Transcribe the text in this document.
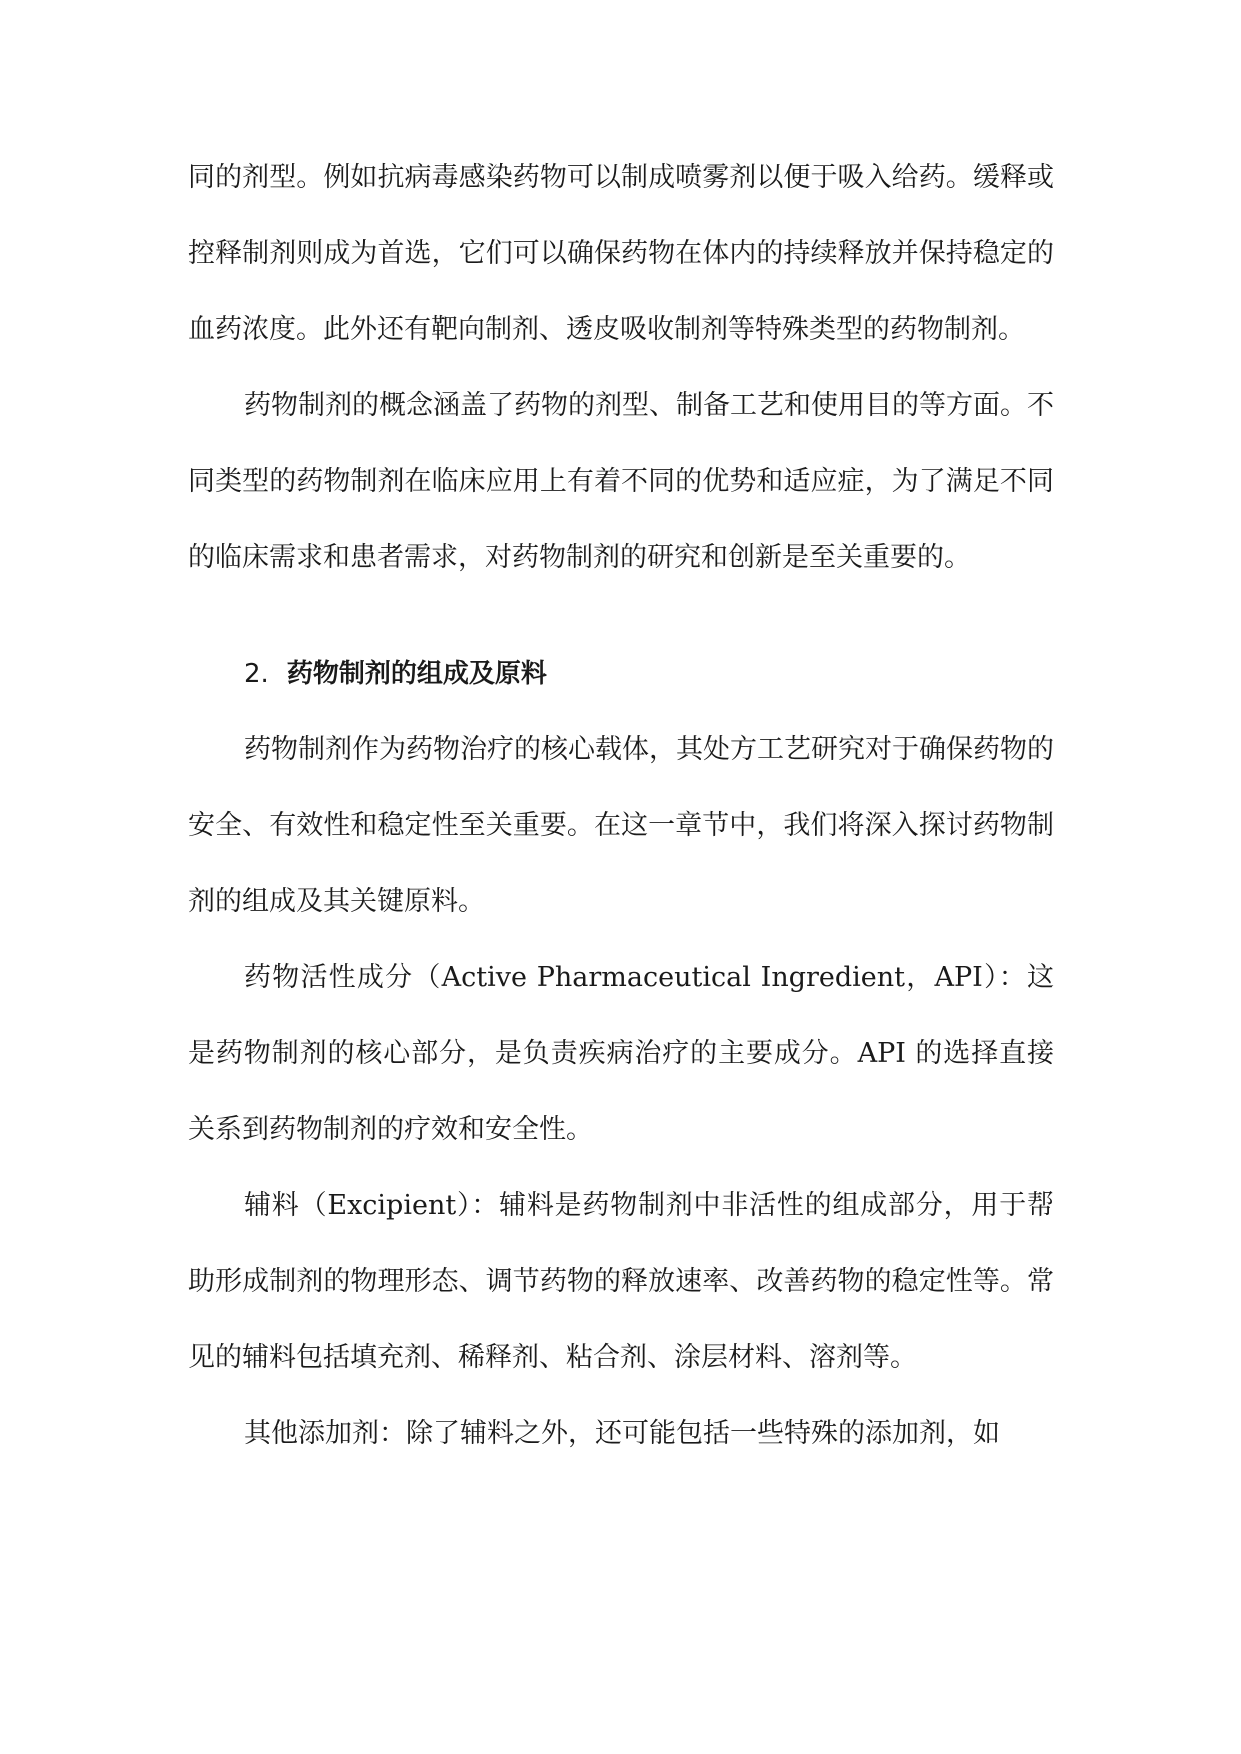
同的剂型。例如抗病毒感染药物可以制成喷雾剂以便于吸入给药。缓释或控释制剂则成为首选，它们可以确保药物在体内的持续释放并保持稳定的血药浓度。此外还有靶向制剂、透皮吸收制剂等特殊类型的药物制剂。

药物制剂的概念涵盖了药物的剂型、制备工艺和使用目的等方面。不同类型的药物制剂在临床应用上有着不同的优势和适应症，为了满足不同的临床需求和患者需求，对药物制剂的研究和创新是至关重要的。

2. 药物制剂的组成及原料

药物制剂作为药物治疗的核心载体，其处方工艺研究对于确保药物的安全、有效性和稳定性至关重要。在这一章节中，我们将深入探讨药物制剂的组成及其关键原料。

药物活性成分（Active Pharmaceutical Ingredient，API）：这是药物制剂的核心部分，是负责疾病治疗的主要成分。API 的选择直接关系到药物制剂的疗效和安全性。

辅料（Excipient）：辅料是药物制剂中非活性的组成部分，用于帮助形成制剂的物理形态、调节药物的释放速率、改善药物的稳定性等。常见的辅料包括填充剂、稀释剂、粘合剂、涂层材料、溶剂等。

其他添加剂：除了辅料之外，还可能包括一些特殊的添加剂，如
